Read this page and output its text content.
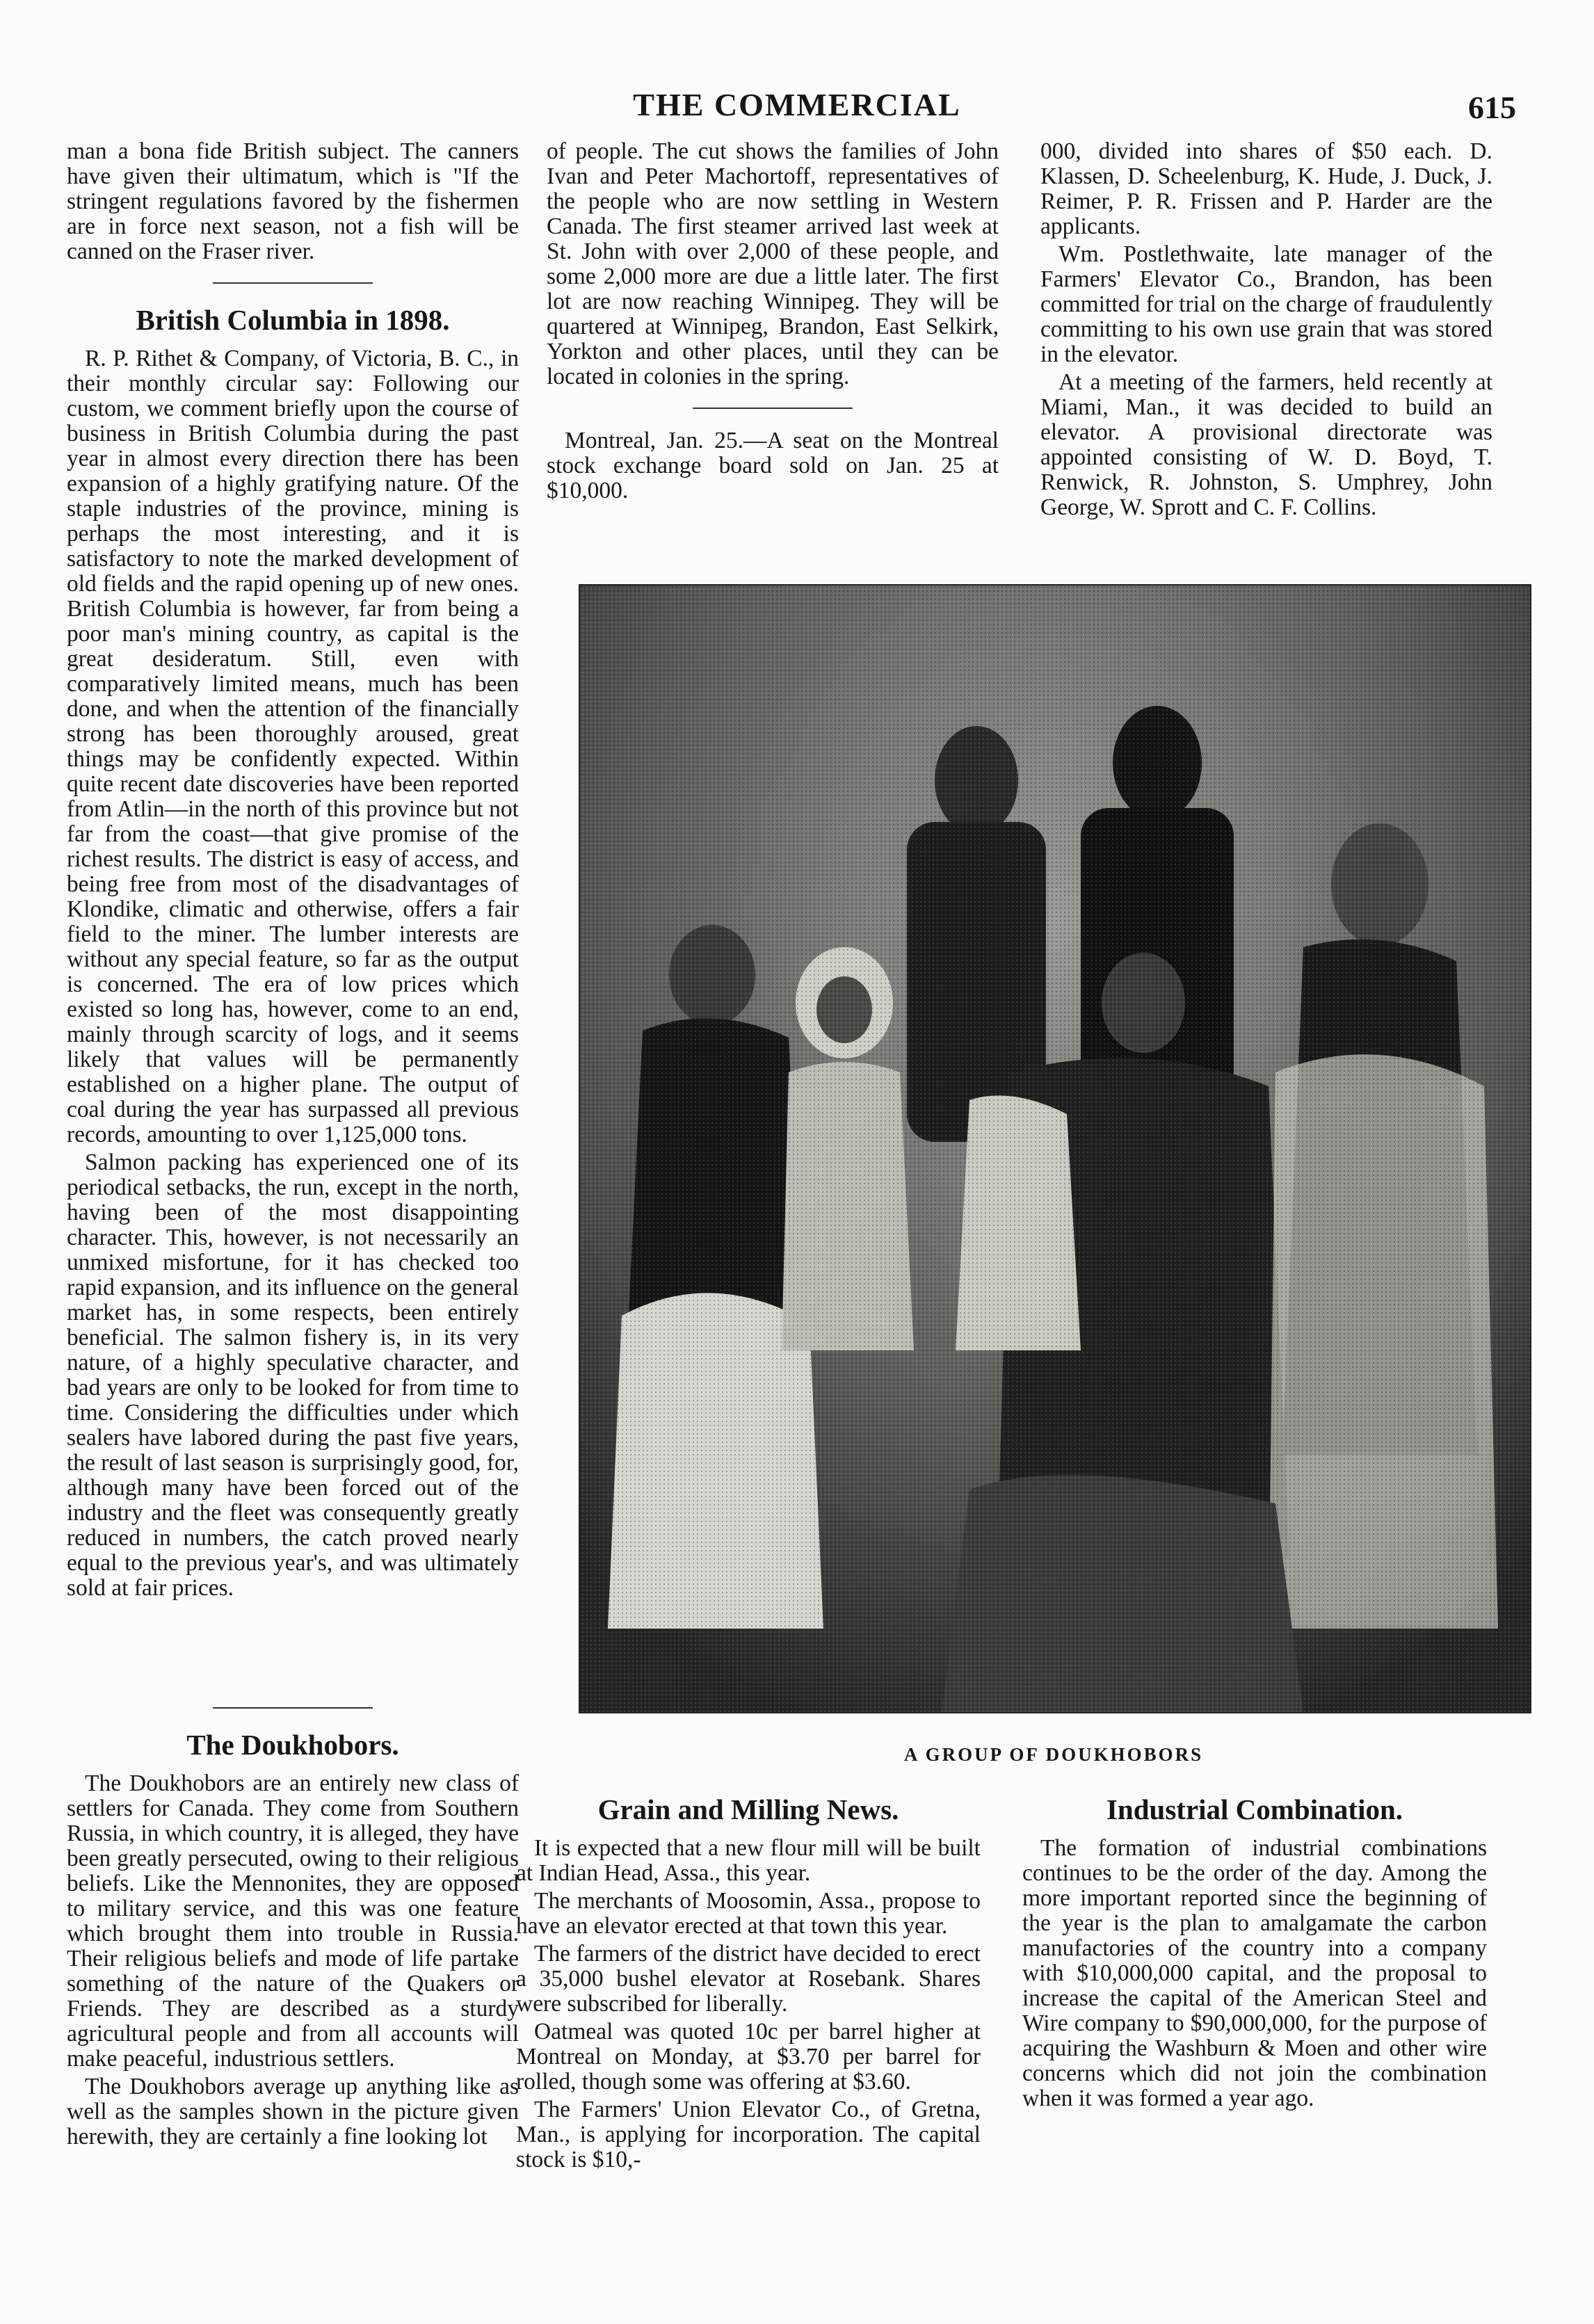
THE COMMERCIAL	615

man a bona fide British subject. The canners have given their ultimatum, which is "If the stringent regulations favored by the fishermen are in force next season, not a fish will be canned on the Fraser river.

British Columbia in 1898.

R. P. Rithet & Company, of Victoria, B. C., in their monthly circular say: Following our custom, we comment briefly upon the course of business in British Columbia during the past year in almost every direction there has been expansion of a highly gratifying nature. Of the staple industries of the province, mining is perhaps the most interesting, and it is satisfactory to note the marked development of old fields and the rapid opening up of new ones. British Columbia is however, far from being a poor man's mining country, as capital is the great desideratum. Still, even with comparatively limited means, much has been done, and when the attention of the financially strong has been thoroughly aroused, great things may be confidently expected. Within quite recent date discoveries have been reported from Atlin—in the north of this province but not far from the coast—that give promise of the richest results. The district is easy of access, and being free from most of the disadvantages of Klondike, climatic and otherwise, offers a fair field to the miner. The lumber interests are without any special feature, so far as the output is concerned. The era of low prices which existed so long has, however, come to an end, mainly through scarcity of logs, and it seems likely that values will be permanently established on a higher plane. The output of coal during the year has surpassed all previous records, amounting to over 1,125,000 tons.

Salmon packing has experienced one of its periodical setbacks, the run, except in the north, having been of the most disappointing character. This, however, is not necessarily an unmixed misfortune, for it has checked too rapid expansion, and its influence on the general market has, in some respects, been entirely beneficial. The salmon fishery is, in its very nature, of a highly speculative character, and bad years are only to be looked for from time to time. Considering the difficulties under which sealers have labored during the past five years, the result of last season is surprisingly good, for, although many have been forced out of the industry and the fleet was consequently greatly reduced in numbers, the catch proved nearly equal to the previous year's, and was ultimately sold at fair prices.

The Doukhobors.

The Doukhobors are an entirely new class of settlers for Canada. They come from Southern Russia, in which country, it is alleged, they have been greatly persecuted, owing to their religious beliefs. Like the Mennonites, they are opposed to military service, and this was one feature which brought them into trouble in Russia. Their religious beliefs and mode of life partake something of the nature of the Quakers or Friends. They are described as a sturdy agricultural people and from all accounts will make peaceful, industrious settlers.

The Doukhobors average up anything like as well as the samples shown in the picture given herewith, they are certainly a fine looking lot

of people. The cut shows the families of John Ivan and Peter Machortoff, representatives of the people who are now settling in Western Canada. The first steamer arrived last week at St. John with over 2,000 of these people, and some 2,000 more are due a little later. The first lot are now reaching Winnipeg. They will be quartered at Winnipeg, Brandon, East Selkirk, Yorkton and other places, until they can be located in colonies in the spring.

Montreal, Jan. 25.—A seat on the Montreal stock exchange board sold on Jan. 25 at $10,000.

000, divided into shares of $50 each. D. Klassen, D. Scheelenburg, K. Hude, J. Duck, J. Reimer, P. R. Frissen and P. Harder are the applicants.

Wm. Postlethwaite, late manager of the Farmers' Elevator Co., Brandon, has been committed for trial on the charge of fraudulently committing to his own use grain that was stored in the elevator.

At a meeting of the farmers, held recently at Miami, Man., it was decided to build an elevator. A provisional directorate was appointed consisting of W. D. Boyd, T. Renwick, R. Johnston, S. Umphrey, John George, W. Sprott and C. F. Collins.

A GROUP OF DOUKHOBORS
Grain and Milling News.

It is expected that a new flour mill will be built at Indian Head, Assa., this year.

The merchants of Moosomin, Assa., propose to have an elevator erected at that town this year.

The farmers of the district have decided to erect a 35,000 bushel elevator at Rosebank. Shares were subscribed for liberally.

Oatmeal was quoted 10c per barrel higher at Montreal on Monday, at $3.70 per barrel for rolled, though some was offering at $3.60.

The Farmers' Union Elevator Co., of Gretna, Man., is applying for incorporation. The capital stock is $10,-

Industrial Combination.

The formation of industrial combinations continues to be the order of the day. Among the more important reported since the beginning of the year is the plan to amalgamate the carbon manufactories of the country into a company with $10,000,000 capital, and the proposal to increase the capital of the American Steel and Wire company to $90,000,000, for the purpose of acquiring the Washburn & Moen and other wire concerns which did not join the combination when it was formed a year ago.
